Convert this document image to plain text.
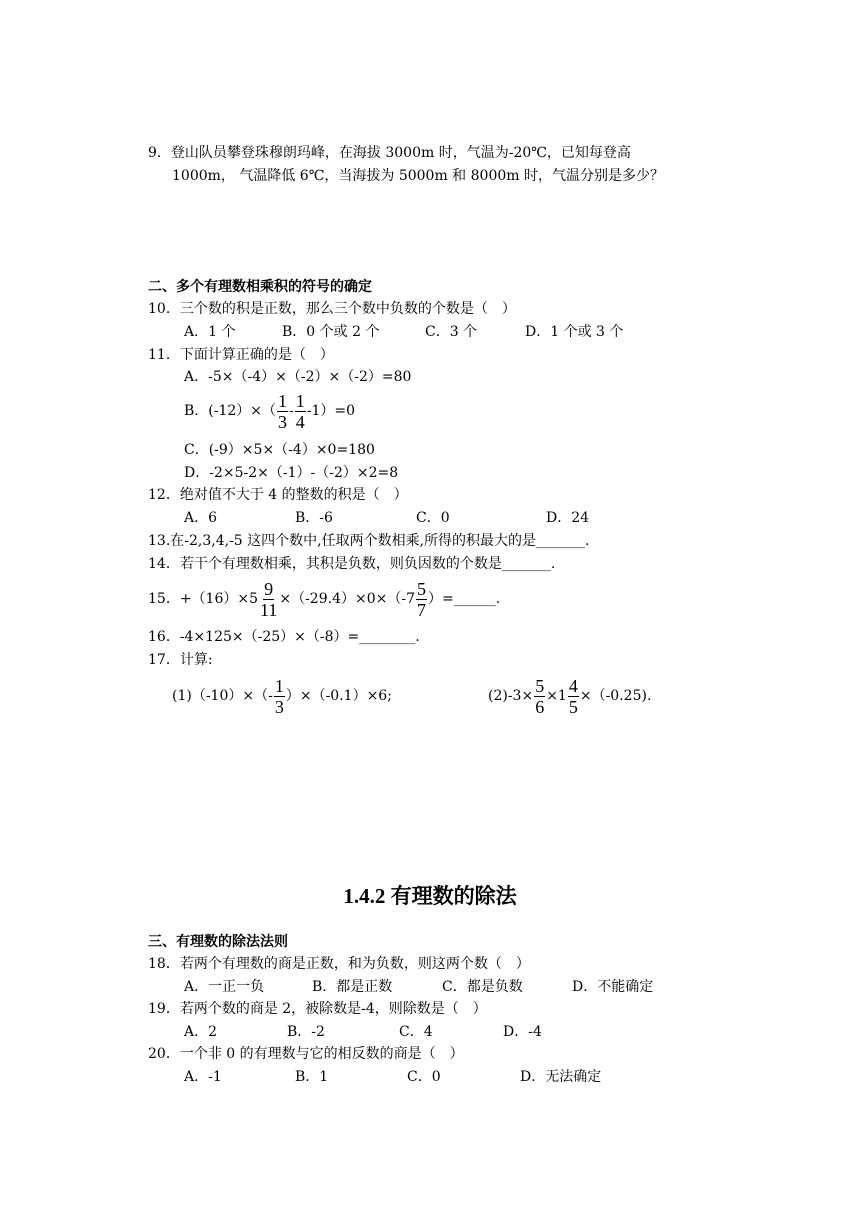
9．登山队员攀登珠穆朗玛峰，在海拔 3000m 时，气温为-20℃，已知每登高
1000m， 气温降低 6℃，当海拔为 5000m 和 8000m 时，气温分别是多少？
二、多个有理数相乘积的符号的确定
10．三个数的积是正数，那么三个数中负数的个数是（　）
A．1 个	B．0 个或 2 个	C．3 个	D．1 个或 3 个
11．下面计算正确的是（　）
A．-5×（-4）×（-2）×（-2）=80
B．$(-12)\times( \frac{1}{3} - \frac{1}{4} -1)=0$
C．(-9）×5×（-4）×0=180
D．-2×5-2×（-1）-（-2）×2=8
12．绝对值不大于 4 的整数的积是（　）
A．6	B．-6	C．0	D．24
13.在-2,3,4,-5 这四个数中,任取两个数相乘,所得的积最大的是_______.
14．若干个有理数相乘，其积是负数，则负因数的个数是_______.
15．$+(16)\times 5 \frac{9}{11} \times(-29.4)\times 0\times(-7 \frac{5}{7}$ ）=______.
16．-4×125×（-25）×（-8）=________.
17．计算:
$(1)(-10)\times(- \frac{1}{3} )\times(-0.1)\times 6$;	$(2)-3\times \frac{5}{6} \times 1 \frac{4}{5} \times(-0.25)$.
1.4.2 有理数的除法
三、有理数的除法法则
18．若两个有理数的商是正数，和为负数，则这两个数（　）
A．一正一负	B．都是正数	C．都是负数	D．不能确定
19．若两个数的商是 2，被除数是-4，则除数是（　）
A．2	B．-2	C．4	D．-4
20．一个非 0 的有理数与它的相反数的商是（　）
A．-1	B．1	C．0	D．无法确定
